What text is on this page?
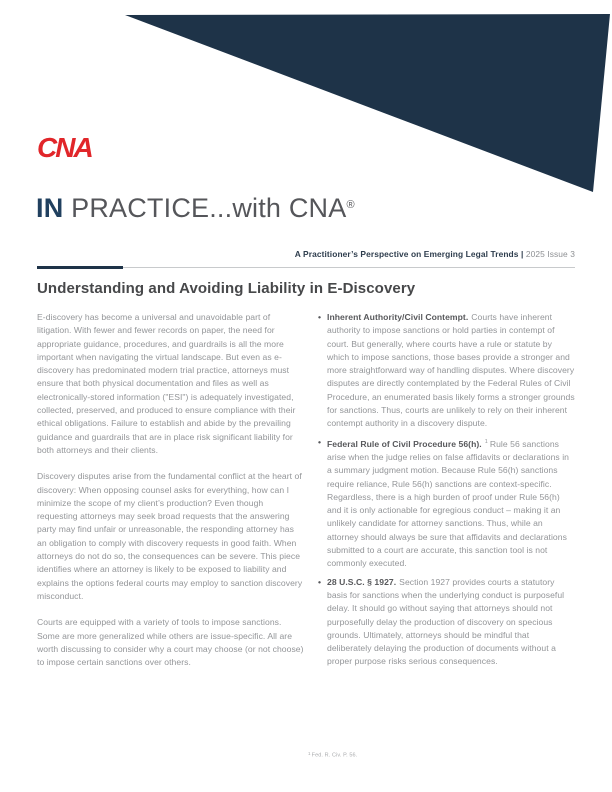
CNA
IN PRACTICE...with CNA®
A Practitioner’s Perspective on Emerging Legal Trends | 2025 Issue 3
Understanding and Avoiding Liability in E-Discovery

E-discovery has become a universal and unavoidable part of litigation. With fewer and fewer records on paper, the need for appropriate guidance, procedures, and guardrails is all the more important when navigating the virtual landscape. But even as e-discovery has predominated modern trial practice, attorneys must ensure that both physical documentation and files as well as electronically-stored information ("ESI") is adequately investigated, collected, preserved, and produced to ensure compliance with their ethical obligations. Failure to establish and abide by the prevailing guidance and guardrails that are in place risk significant liability for both attorneys and their clients.

Discovery disputes arise from the fundamental conflict at the heart of discovery: When opposing counsel asks for everything, how can I minimize the scope of my client’s production? Even though requesting attorneys may seek broad requests that the answering party may find unfair or unreasonable, the responding attorney has an obligation to comply with discovery requests in good faith. When attorneys do not do so, the consequences can be severe. This piece identifies where an attorney is likely to be exposed to liability and explains the options federal courts may employ to sanction discovery misconduct.

Courts are equipped with a variety of tools to impose sanctions. Some are more generalized while others are issue-specific. All are worth discussing to consider why a court may choose (or not choose) to impose certain sanctions over others.

• Inherent Authority/Civil Contempt. Courts have inherent authority to impose sanctions or hold parties in contempt of court. But generally, where courts have a rule or statute by which to impose sanctions, those bases provide a stronger and more straightforward way of handling disputes. Where discovery disputes are directly contemplated by the Federal Rules of Civil Procedure, an enumerated basis likely forms a stronger grounds for sanctions. Thus, courts are unlikely to rely on their inherent contempt authority in a discovery dispute.
• Federal Rule of Civil Procedure 56(h). $^1$ Rule 56 sanctions arise when the judge relies on false affidavits or declarations in a summary judgment motion. Because Rule 56(h) sanctions require reliance, Rule 56(h) sanctions are context-specific. Regardless, there is a high burden of proof under Rule 56(h) and it is only actionable for egregious conduct – making it an unlikely candidate for attorney sanctions. Thus, while an attorney should always be sure that affidavits and declarations submitted to a court are accurate, this sanction tool is not commonly executed.
• 28 U.S.C. § 1927. Section 1927 provides courts a statutory basis for sanctions when the underlying conduct is purposeful delay. It should go without saying that attorneys should not purposefully delay the production of discovery on specious grounds. Ultimately, attorneys should be mindful that deliberately delaying the production of documents without a proper purpose risks serious consequences.
$^1$Fed. R. Civ. P. 56.
